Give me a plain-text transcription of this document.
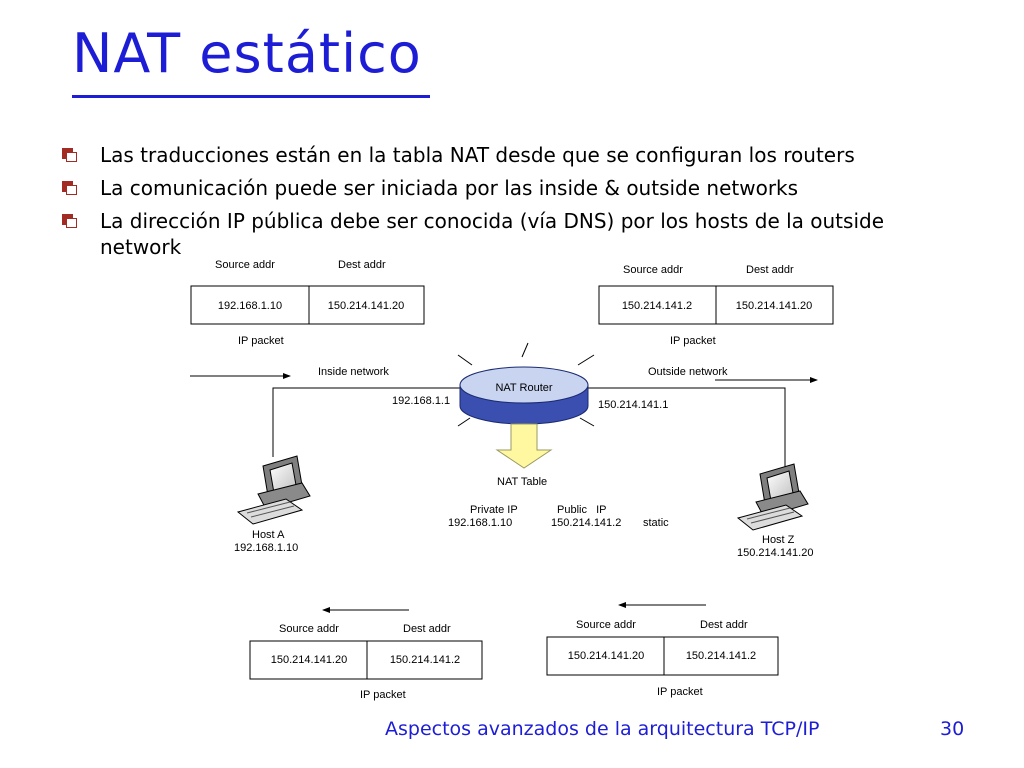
NAT estático
Las traducciones están en la tabla NAT desde que se configuran los routers
La comunicación puede ser iniciada por las inside & outside networks
La dirección IP pública debe ser conocida (vía DNS) por los hosts de la outside network
Source addr	Dest addr
192.168.1.10	150.214.141.20
IP packet
Source addr	Dest addr
150.214.141.2	150.214.141.20
IP packet
Inside network	Outside network
NAT Router
192.168.1.1	150.214.141.1
NAT Table
Private IP	Public   IP
192.168.1.10	150.214.141.2 static
Host A
192.168.1.10
Host Z
150.214.141.20
Source addr	Dest addr
150.214.141.20	150.214.141.2
IP packet
Source addr	Dest addr
150.214.141.20	150.214.141.2
IP packet
Aspectos avanzados de la arquitectura TCP/IP	30
